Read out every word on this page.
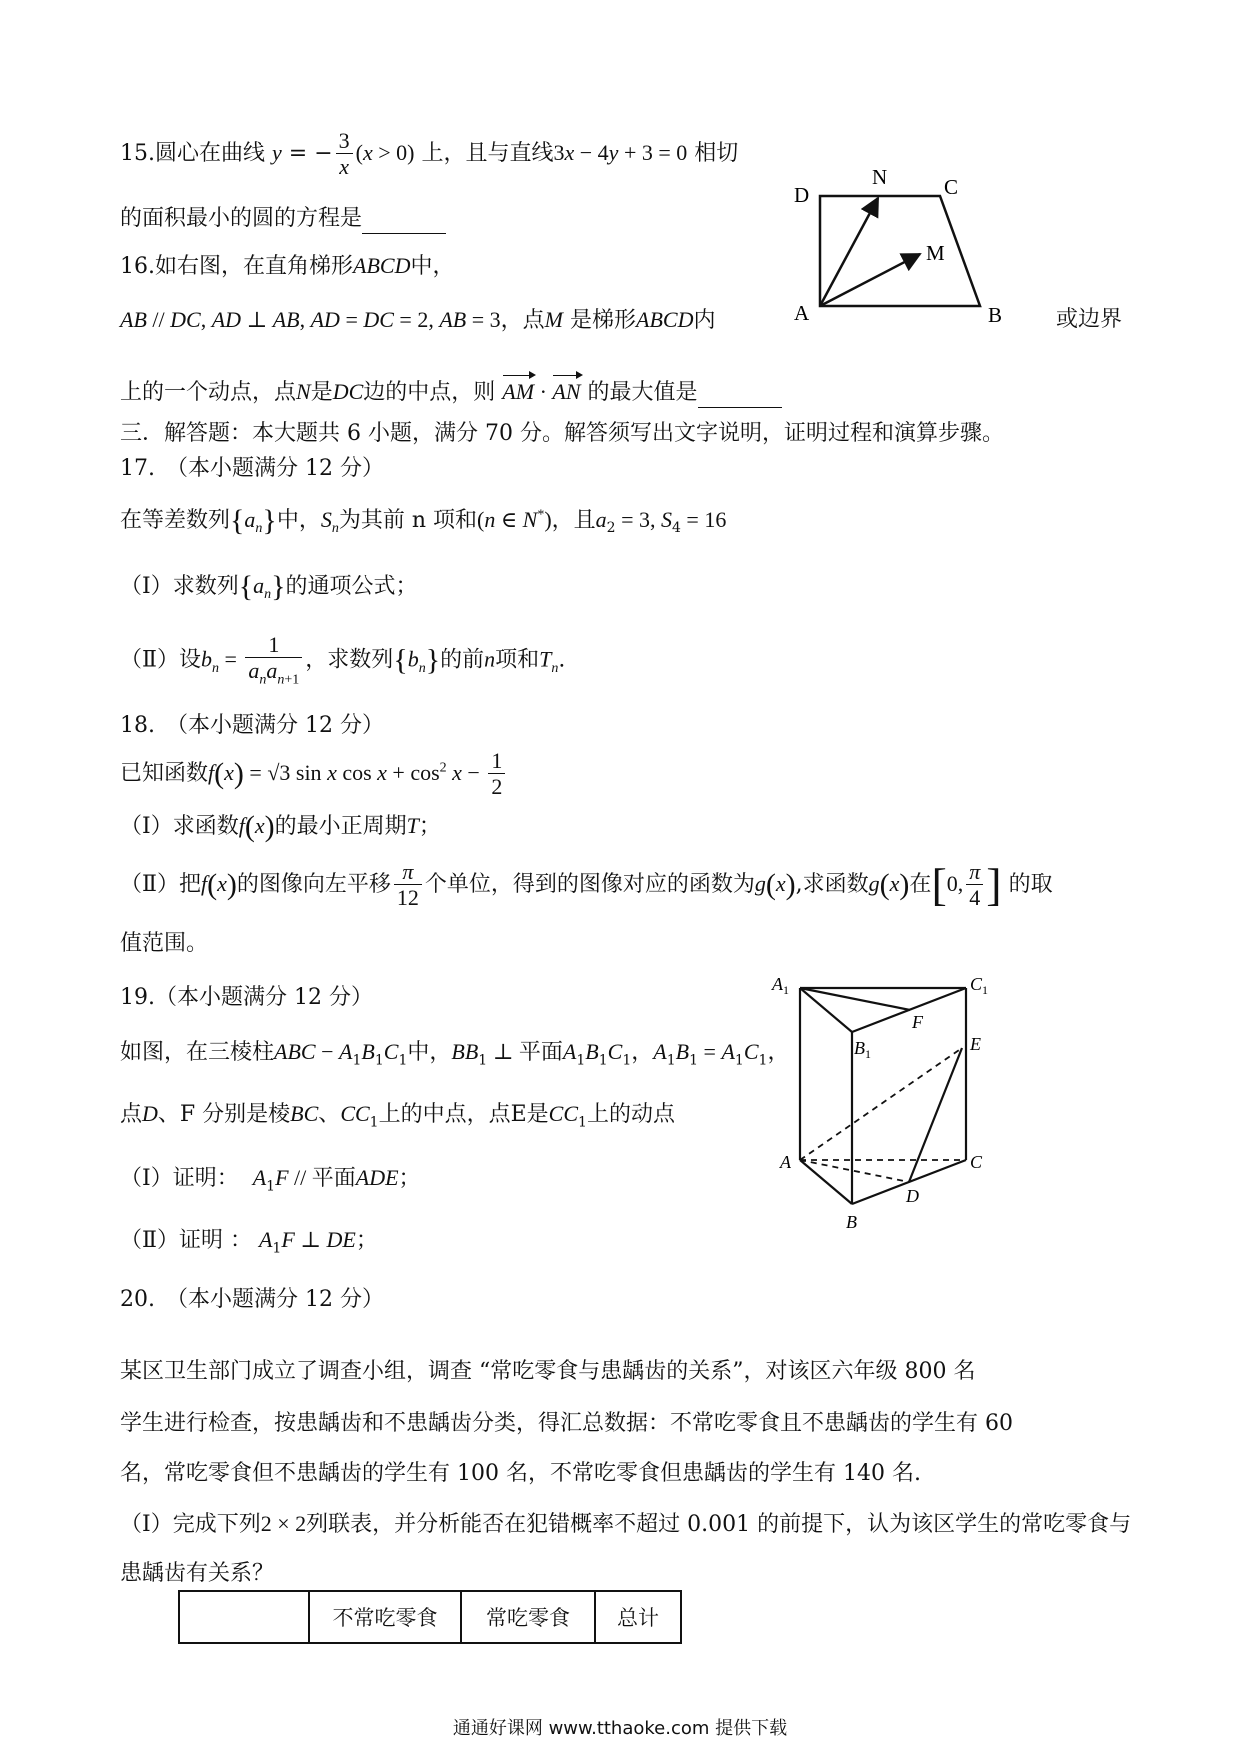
15.圆心在曲线 y = − $\frac{3}{x} (x > 0)$ 上，且与直线3x − 4y + 3 = 0 相切
的面积最小的圆的方程是
16.如右图，在直角梯形ABCD中，
AB // DC, AD ⊥ AB, AD = DC = 2, AB = 3，点M 是梯形ABCD内	或边界
上的一个动点，点N是DC边的中点，则 AM · AN 的最大值是
N	C
D
M
A	B
三．解答题：本大题共 6 小题，满分 70 分。解答须写出文字说明，证明过程和演算步骤。
17.　（本小题满分 12 分）
在等差数列$\{a_n\}$中，$S_n$为其前 n 项和(n ∈ N*)，且$a_2 = 3$, $S_4 = 16$
（Ⅰ）求数列$\{a_n\}$的通项公式；
（Ⅱ）设$b_n = \frac{1}{a_na_{n+1}}$ ，求数列$\{b_n\}$的前n项和$T_n$.
18.　（本小题满分 12 分）
已知函数f(x) = √3 sin x $\cos x + \cos^2 x - \frac{1}{2}$
（Ⅰ）求函数f(x)的最小正周期T；
（Ⅱ）把f(x)的图像向左平移 $\frac{\pi}{12}$ 个单位，得到的图像对应的函数为g(x),求函数g(x)在[0, $\frac{\pi}{4}$ ] 的取
值范围。
19.（本小题满分 12 分）
如图，在三棱柱ABC − $A_1B_1C_1$中，$BB_1$ ⊥ 平面$A_1B_1C_1$，$A_1B_1 = A_1C_1$，
点D、F 分别是棱BC、$CC_1$上的中点，点E是$CC_1$上的动点
（Ⅰ）证明： $A_1F$ // 平面ADE；
（Ⅱ）证明 ： $A_1F$ ⊥ DE；
$A_1$	$C_1$
F
$B_1$	E
A	C
D
B
20.　（本小题满分 12 分）
某区卫生部门成立了调查小组，调查 “常吃零食与患龋齿的关系”，对该区六年级 800 名
学生进行检查，按患龋齿和不患龋齿分类，得汇总数据：不常吃零食且不患龋齿的学生有 60
名，常吃零食但不患龋齿的学生有 100 名，不常吃零食但患龋齿的学生有 140 名.
（Ⅰ）完成下列2 × 2列联表，并分析能否在犯错概率不超过 0.001 的前提下，认为该区学生的常吃零食与
患龋齿有关系？
	不常吃零食	常吃零食	总计
通通好课网 www.tthaoke.com 提供下载
